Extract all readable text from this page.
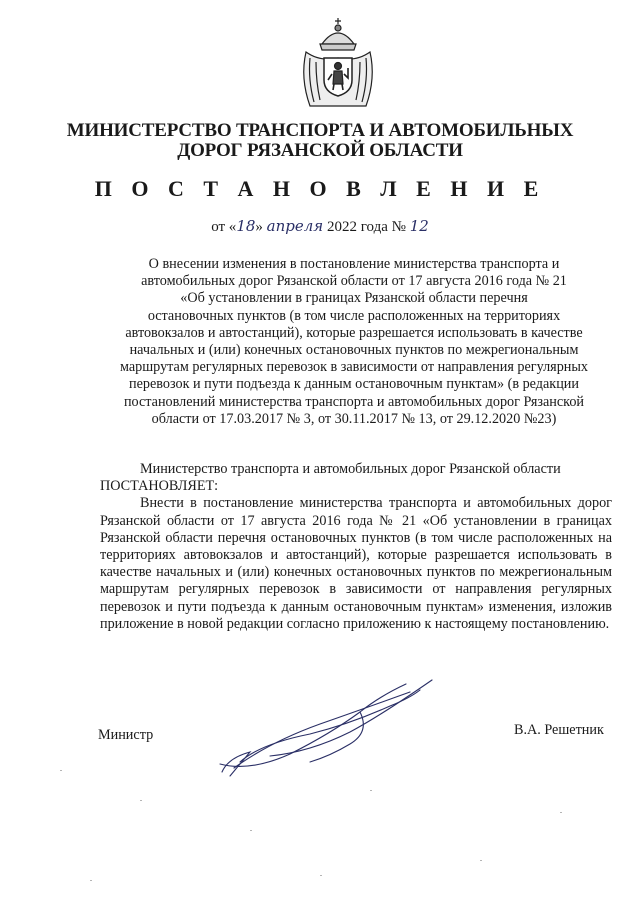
МИНИСТЕРСТВО ТРАНСПОРТА И АВТОМОБИЛЬНЫХ
ДОРОГ РЯЗАНСКОЙ ОБЛАСТИ
П О С Т А Н О В Л Е Н И Е
от «18» апреля 2022 года № 12
О внесении изменения в постановление министерства транспорта и
автомобильных дорог Рязанской области от 17 августа 2016 года № 21
«Об установлении в границах Рязанской области перечня
остановочных пунктов (в том числе расположенных на территориях
автовокзалов и автостанций), которые разрешается использовать в качестве
начальных и (или) конечных остановочных пунктов по межрегиональным
маршрутам регулярных перевозок в зависимости от направления регулярных
перевозок и пути подъезда к данным остановочным пунктам» (в редакции
постановлений министерства транспорта и автомобильных дорог Рязанской
области от 17.03.2017 № 3, от 30.11.2017 № 13, от 29.12.2020 №23)

Министерство транспорта и автомобильных дорог Рязанской области

ПОСТАНОВЛЯЕТ:

Внести в постановление министерства транспорта и автомобильных дорог Рязанской области от 17 августа 2016 года № 21 «Об установлении в границах Рязанской области перечня остановочных пунктов (в том числе расположенных на территориях автовокзалов и автостанций), которые разрешается использовать в качестве начальных и (или) конечных остановочных пунктов по межрегиональным маршрутам регулярных перевозок в зависимости от направления регулярных перевозок и пути подъезда к данным остановочным пунктам» изменения, изложив приложение в новой редакции согласно приложению к настоящему постановлению.

Министр	В.А. Решетник
